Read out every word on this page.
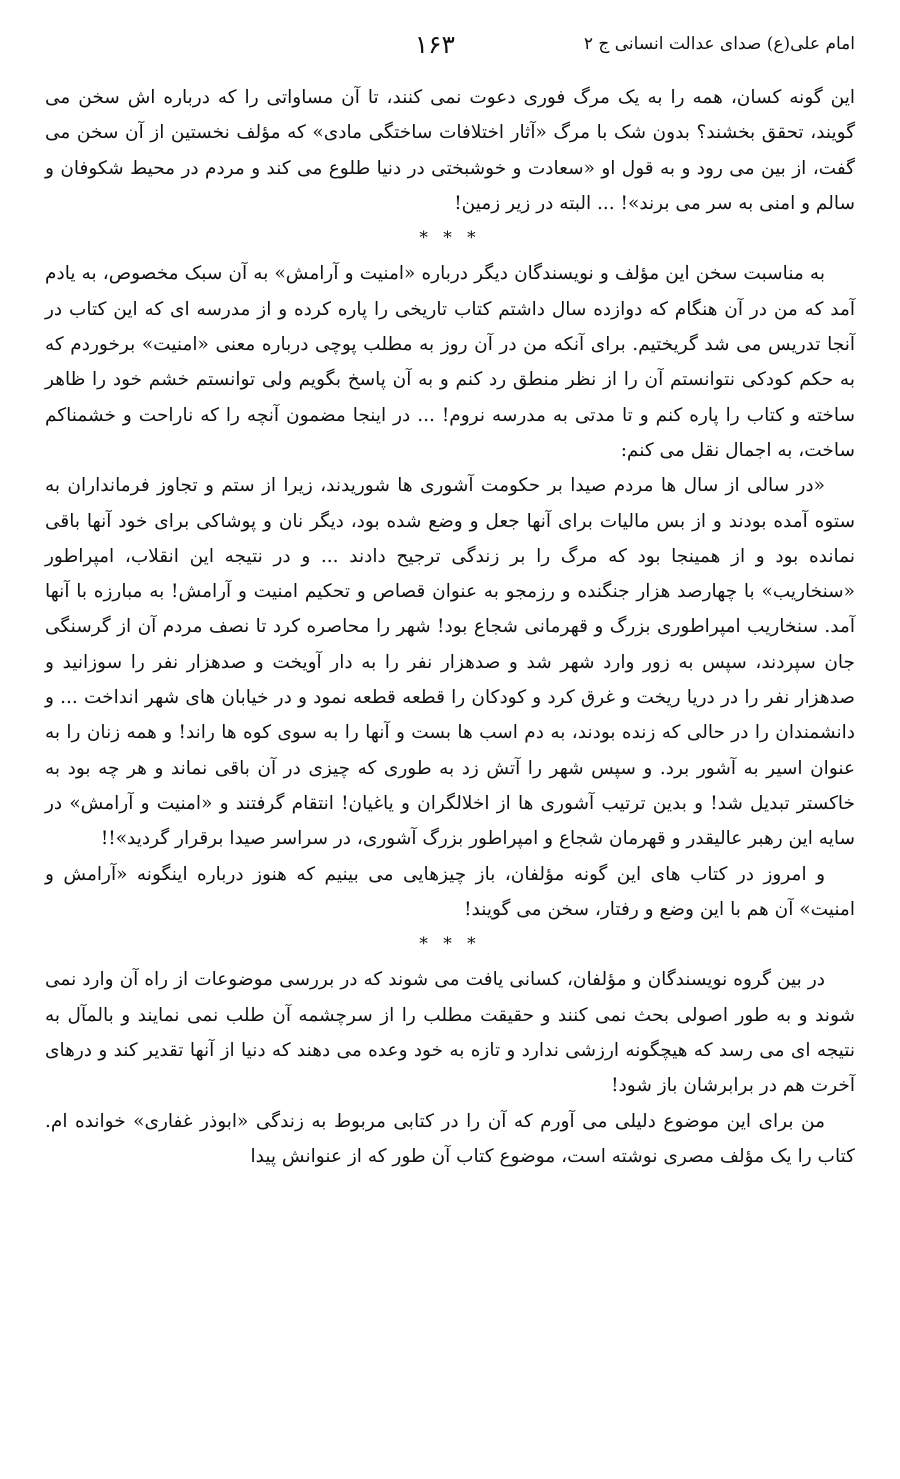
امام علی(ع) صدای عدالت انسانی ج ۲
۱۶۳

این گونه کسان، همه را به یک مرگ فوری دعوت نمی کنند، تا آن مساواتی را که درباره اش سخن می گویند، تحقق بخشند؟ بدون شک با مرگ «آثار اختلافات ساختگی مادی» که مؤلف نخستین از آن سخن می گفت، از بین می رود و به قول او «سعادت و خوشبختی در دنیا طلوع می کند و مردم در محیط شکوفان و سالم و امنی به سر می برند»! ... البته در زیر زمین!

* * *

به مناسبت سخن این مؤلف و نویسندگان دیگر درباره «امنیت و آرامش» به آن سبک مخصوص، به یادم آمد که من در آن هنگام که دوازده سال داشتم کتاب تاریخی را پاره کرده و از مدرسه ای که این کتاب در آنجا تدریس می شد گریختیم. برای آنکه من در آن روز به مطلب پوچی درباره معنی «امنیت» برخوردم که به حکم کودکی نتوانستم آن را از نظر منطق رد کنم و به آن پاسخ بگویم ولی توانستم خشم خود را ظاهر ساخته و کتاب را پاره کنم و تا مدتی به مدرسه نروم! ... در اینجا مضمون آنچه را که ناراحت و خشمناکم ساخت، به اجمال نقل می کنم:

«در سالی از سال ها مردم صیدا بر حکومت آشوری ها شوریدند، زیرا از ستم و تجاوز فرمانداران به ستوه آمده بودند و از بس مالیات برای آنها جعل و وضع شده بود، دیگر نان و پوشاکی برای خود آنها باقی نمانده بود و از همینجا بود که مرگ را بر زندگی ترجیح دادند ... و در نتیجه این انقلاب، امپراطور «سنخاریب» با چهارصد هزار جنگنده و رزمجو به عنوان قصاص و تحکیم امنیت و آرامش! به مبارزه با آنها آمد. سنخاریب امپراطوری بزرگ و قهرمانی شجاع بود! شهر را محاصره کرد تا نصف مردم آن از گرسنگی جان سپردند، سپس به زور وارد شهر شد و صدهزار نفر را به دار آویخت و صدهزار نفر را سوزانید و صدهزار نفر را در دریا ریخت و غرق کرد و کودکان را قطعه قطعه نمود و در خیابان های شهر انداخت ... و دانشمندان را در حالی که زنده بودند، به دم اسب ها بست و آنها را به سوی کوه ها راند! و همه زنان را به عنوان اسیر به آشور برد. و سپس شهر را آتش زد به طوری که چیزی در آن باقی نماند و هر چه بود به خاکستر تبدیل شد! و بدین ترتیب آشوری ها از اخلالگران و یاغیان! انتقام گرفتند و «امنیت و آرامش» در سایه این رهبر عالیقدر و قهرمان شجاع و امپراطور بزرگ آشوری، در سراسر صیدا برقرار گردید»!!

و امروز در کتاب های این گونه مؤلفان، باز چیزهایی می بینیم که هنوز درباره اینگونه «آرامش و امنیت» آن هم با این وضع و رفتار، سخن می گویند!

* * *

در بین گروه نویسندگان و مؤلفان، کسانی یافت می شوند که در بررسی موضوعات از راه آن وارد نمی شوند و به طور اصولی بحث نمی کنند و حقیقت مطلب را از سرچشمه آن طلب نمی نمایند و بالمآل به نتیجه ای می رسد که هیچگونه ارزشی ندارد و تازه به خود وعده می دهند که دنیا از آنها تقدیر کند و درهای آخرت هم در برابرشان باز شود!

من برای این موضوع دلیلی می آورم که آن را در کتابی مربوط به زندگی «ابوذر غفاری» خوانده ام. کتاب را یک مؤلف مصری نوشته است، موضوع کتاب آن طور که از عنوانش پیدا
